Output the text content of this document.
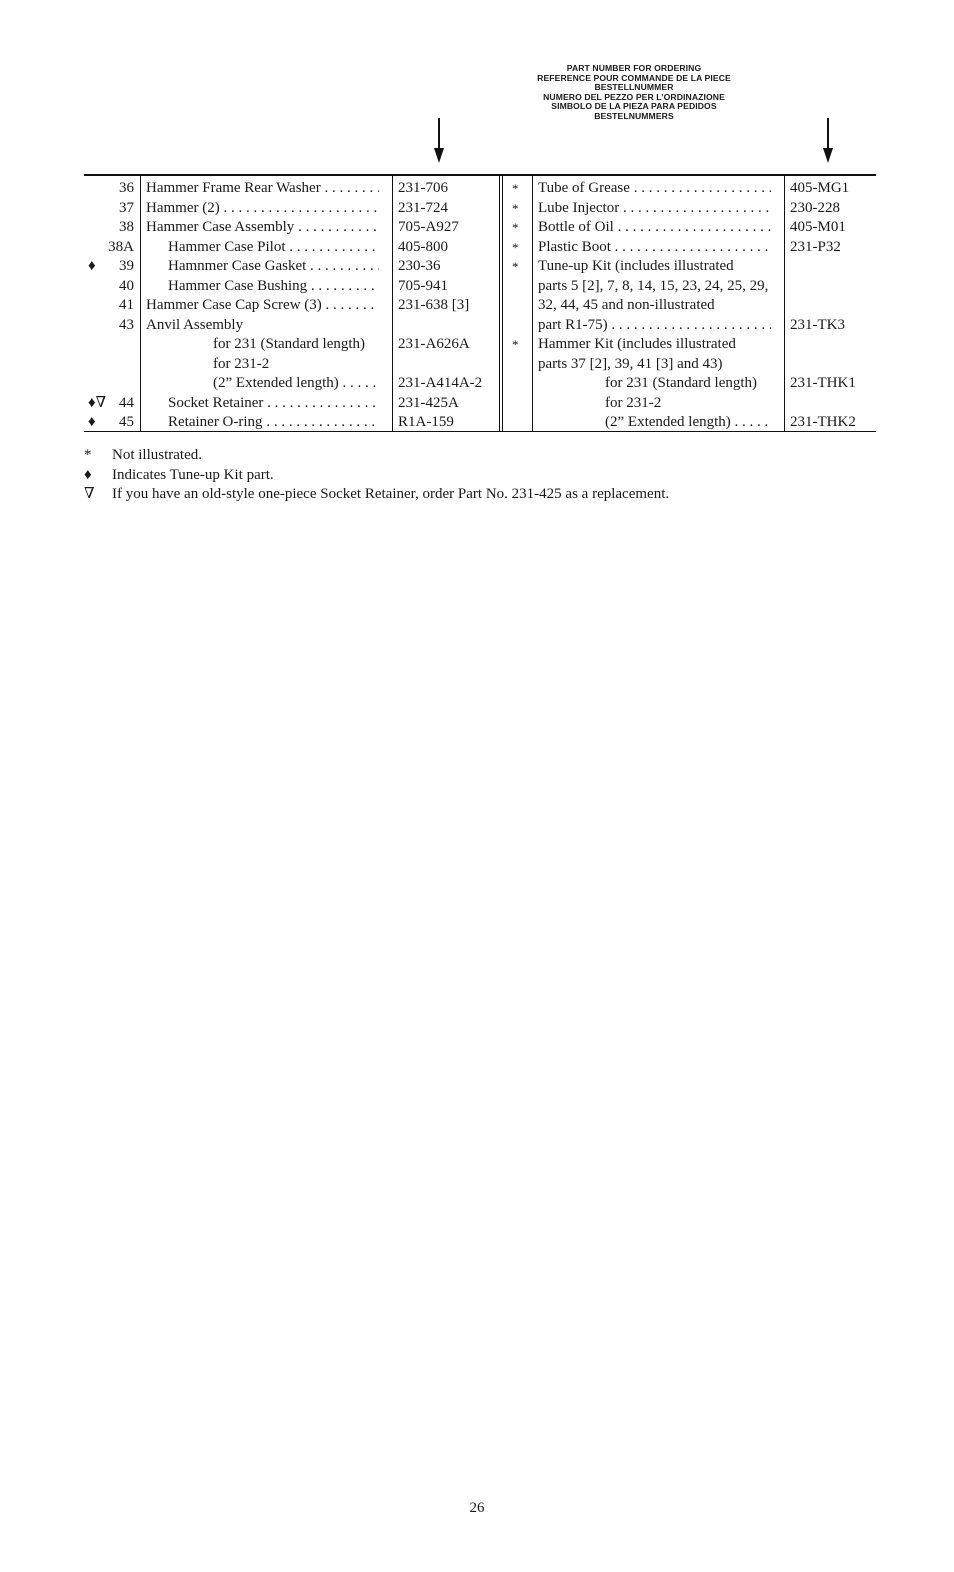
PART NUMBER FOR ORDERING
REFERENCE POUR COMMANDE DE LA PIECE
BESTELLNUMMER
NUMERO DEL PEZZO PER L’ORDINAZIONE
SIMBOLO DE LA PIEZA PARA PEDIDOS
BESTELNUMMERS
36 Hammer Frame Rear Washer . . .	231-706
37 Hammer (2) . . .	231-724
38 Hammer Case Assembly . . .	705-A927
38A Hammer Case Pilot . . .	405-800
♦	39 Hamnmer Case Gasket . . .	230-36
40 Hammer Case Bushing . . .	705-941
41 Hammer Case Cap Screw (3) . . .	231-638 [3]
43 Anvil Assembly
for 231 (Standard length)	231-A626A
for 231-2
(2” Extended length) . . .	231-A414A-2
♦∇ 44 Socket Retainer . . .	231-425A
♦	45 Retainer O-ring . . .	R1A-159
*	Tube of Grease . . .	405-MG1
*	Lube Injector . . .	230-228
*	Bottle of Oil . . .	405-M01
*	Plastic Boot . . .	231-P32
*	Tune-up Kit (includes illustrated
parts 5 [2], 7, 8, 14, 15, 23, 24, 25, 29,
32, 44, 45 and non-illustrated
part R1-75) . . .	231-TK3
*	Hammer Kit (includes illustrated
parts 37 [2], 39, 41 [3] and 43)
for 231 (Standard length)	231-THK1
for 231-2
(2” Extended length) . . .	231-THK2
*	Not illustrated.
♦	Indicates Tune-up Kit part.
∇	If you have an old-style one-piece Socket Retainer, order Part No. 231-425 as a replacement.
26
